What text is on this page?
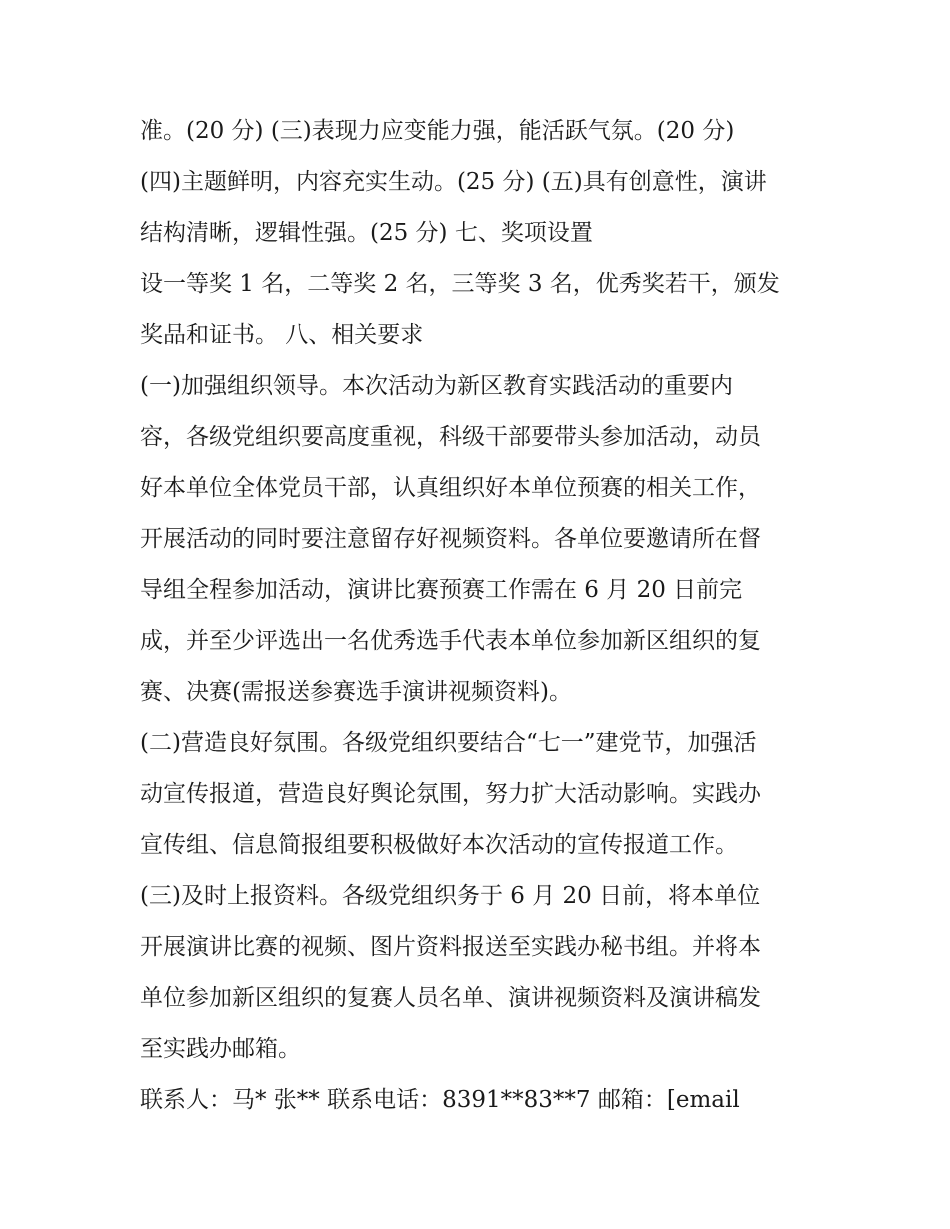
准。(20 分) (三)表现力应变能力强，能活跃气氛。(20 分)
(四)主题鲜明，内容充实生动。(25 分) (五)具有创意性，演讲
结构清晰，逻辑性强。(25 分) 七、奖项设置
设一等奖 1 名，二等奖 2 名，三等奖 3 名，优秀奖若干，颁发
奖品和证书。 八、相关要求
(一)加强组织领导。本次活动为新区教育实践活动的重要内
容，各级党组织要高度重视，科级干部要带头参加活动，动员
好本单位全体党员干部，认真组织好本单位预赛的相关工作，
开展活动的同时要注意留存好视频资料。各单位要邀请所在督
导组全程参加活动，演讲比赛预赛工作需在 6 月 20 日前完
成，并至少评选出一名优秀选手代表本单位参加新区组织的复
赛、决赛(需报送参赛选手演讲视频资料)。
(二)营造良好氛围。各级党组织要结合“七一”建党节，加强活
动宣传报道，营造良好舆论氛围，努力扩大活动影响。实践办
宣传组、信息简报组要积极做好本次活动的宣传报道工作。
(三)及时上报资料。各级党组织务于 6 月 20 日前，将本单位
开展演讲比赛的视频、图片资料报送至实践办秘书组。并将本
单位参加新区组织的复赛人员名单、演讲视频资料及演讲稿发
至实践办邮箱。
联系人：马* 张** 联系电话：8391**83**7 邮箱：[email
